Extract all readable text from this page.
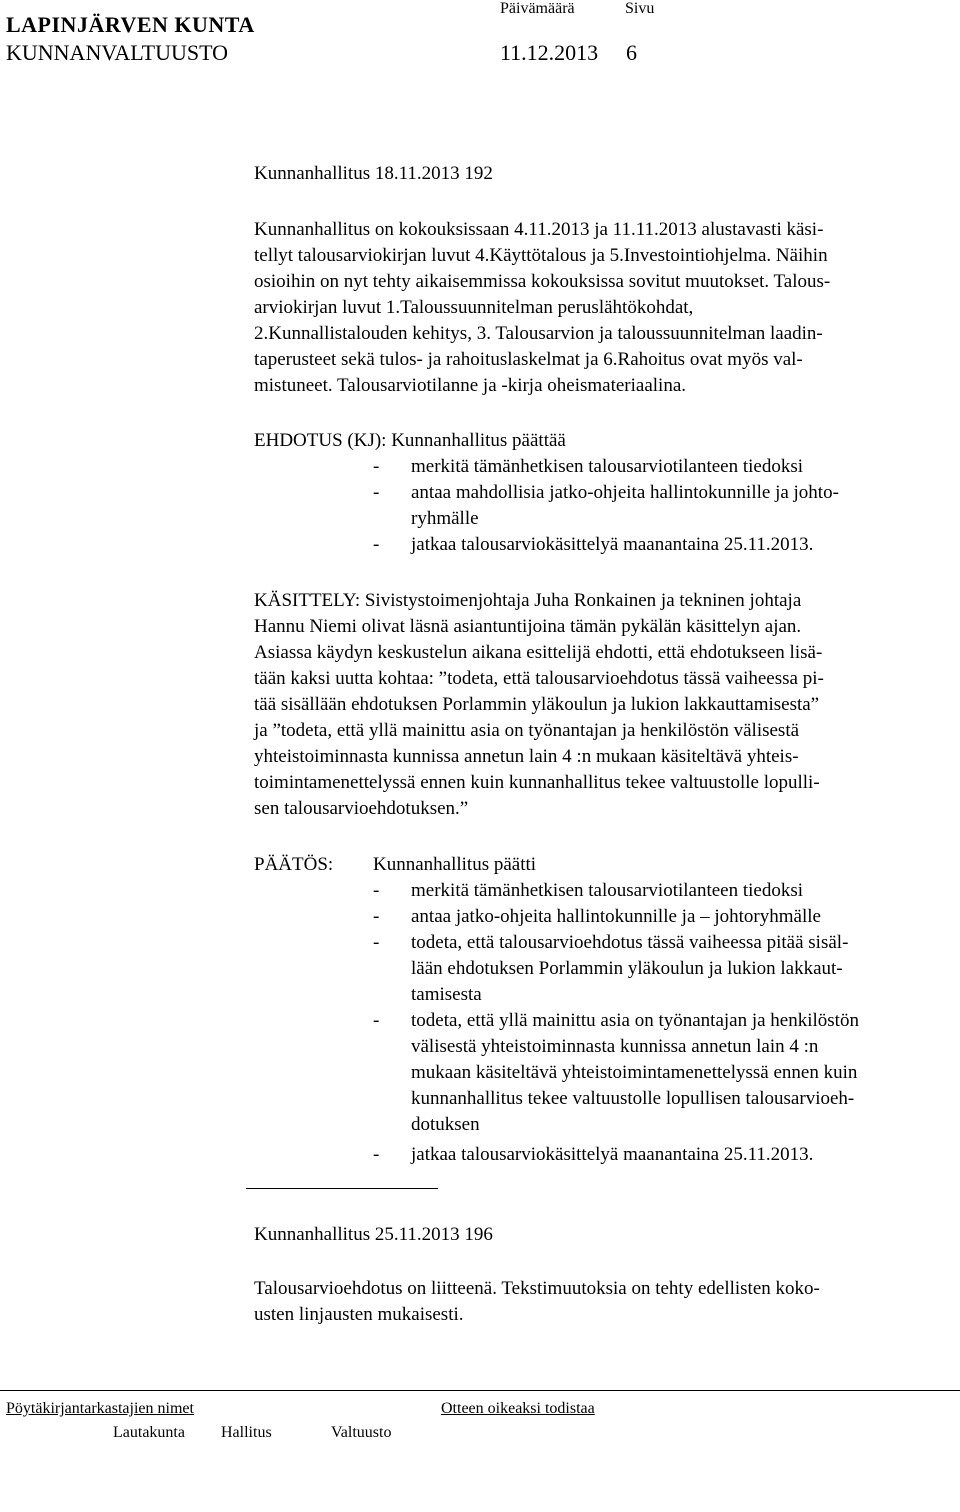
LAPINJÄRVEN KUNTA
KUNNANVALTUUSTO
Päivämäärä	Sivu
11.12.2013 6
Kunnanhallitus 18.11.2013 192
Kunnanhallitus on kokouksissaan 4.11.2013 ja 11.11.2013 alustavasti käsi-
tellyt talousarviokirjan luvut 4.Käyttötalous ja 5.Investointiohjelma. Näihin
osioihin on nyt tehty aikaisemmissa kokouksissa sovitut muutokset. Talous-
arviokirjan luvut 1.Taloussuunnitelman peruslähtökohdat,
2.Kunnallistalouden kehitys, 3. Talousarvion ja taloussuunnitelman laadin-
taperusteet sekä tulos- ja rahoituslaskelmat ja 6.Rahoitus ovat myös val-
mistuneet. Talousarviotilanne ja -kirja oheismateriaalina.
EHDOTUS (KJ): Kunnanhallitus päättää
- merkitä tämänhetkisen talousarviotilanteen tiedoksi
- antaa mahdollisia jatko-ohjeita hallintokunnille ja johto-
ryhmälle
- jatkaa talousarviokäsittelyä maanantaina 25.11.2013.
KÄSITTELY: Sivistystoimenjohtaja Juha Ronkainen ja tekninen johtaja
Hannu Niemi olivat läsnä asiantuntijoina tämän pykälän käsittelyn ajan.
Asiassa käydyn keskustelun aikana esittelijä ehdotti, että ehdotukseen lisä-
tään kaksi uutta kohtaa: ”todeta, että talousarvioehdotus tässä vaiheessa pi-
tää sisällään ehdotuksen Porlammin yläkoulun ja lukion lakkauttamisesta”
ja ”todeta, että yllä mainittu asia on työnantajan ja henkilöstön välisestä
yhteistoiminnasta kunnissa annetun lain 4 :n mukaan käsiteltävä yhteis-
toimintamenettelyssä ennen kuin kunnanhallitus tekee valtuustolle lopulli-
sen talousarvioehdotuksen.”
PÄÄTÖS: Kunnanhallitus päätti
- merkitä tämänhetkisen talousarviotilanteen tiedoksi
- antaa jatko-ohjeita hallintokunnille ja – johtoryhmälle
- todeta, että talousarvioehdotus tässä vaiheessa pitää sisäl-
lään ehdotuksen Porlammin yläkoulun ja lukion lakkaut-
tamisesta
- todeta, että yllä mainittu asia on työnantajan ja henkilöstön
välisestä yhteistoiminnasta kunnissa annetun lain 4 :n
mukaan käsiteltävä yhteistoimintamenettelyssä ennen kuin
kunnanhallitus tekee valtuustolle lopullisen talousarvioeh-
dotuksen
- jatkaa talousarviokäsittelyä maanantaina 25.11.2013.
Kunnanhallitus 25.11.2013 196
Talousarvioehdotus on liitteenä. Tekstimuutoksia on tehty edellisten koko-
usten linjausten mukaisesti.
Pöytäkirjantarkastajien nimet	Otteen oikeaksi todistaa
Lautakunta Hallitus	Valtuusto
